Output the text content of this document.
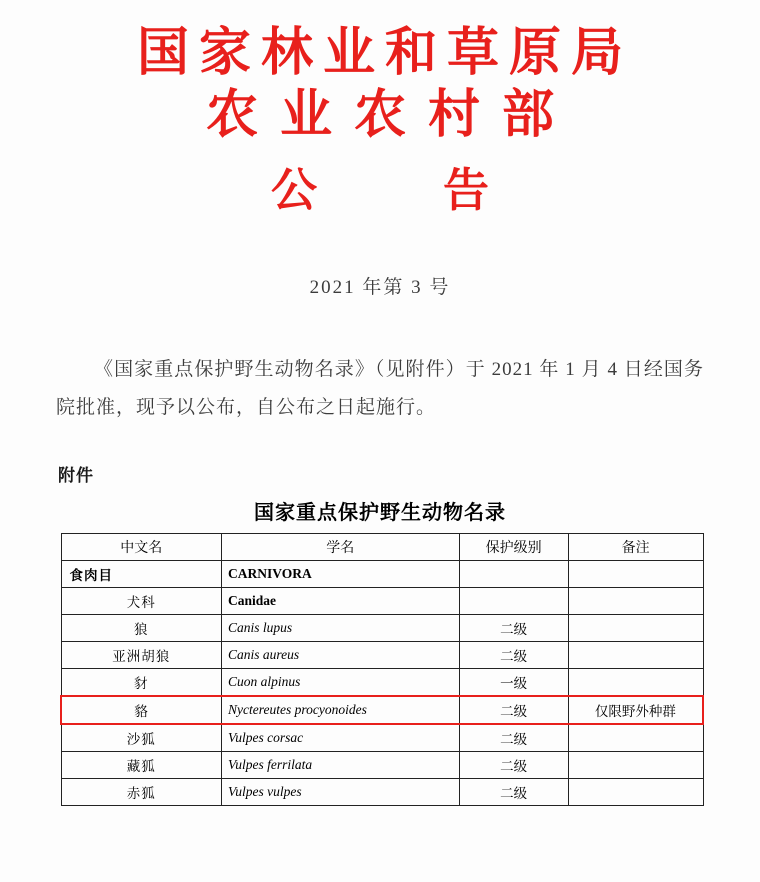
国家林业和草原局
农业农村部
公　告
2021 年第 3 号
《国家重点保护野生动物名录》（见附件）于 2021 年 1 月 4 日经国务院批准，现予以公布，自公布之日起施行。
附件
国家重点保护野生动物名录
中文名	学名	保护级别	备注
食肉目	CARNIVORA		
犬科	Canidae		
狼	Canis lupus	二级	
亚洲胡狼	Canis aureus	二级	
豺	Cuon alpinus	一级	
貉	Nyctereutes procyonoides	二级	仅限野外种群
沙狐	Vulpes corsac	二级	
藏狐	Vulpes ferrilata	二级	
赤狐	Vulpes vulpes	二级	
